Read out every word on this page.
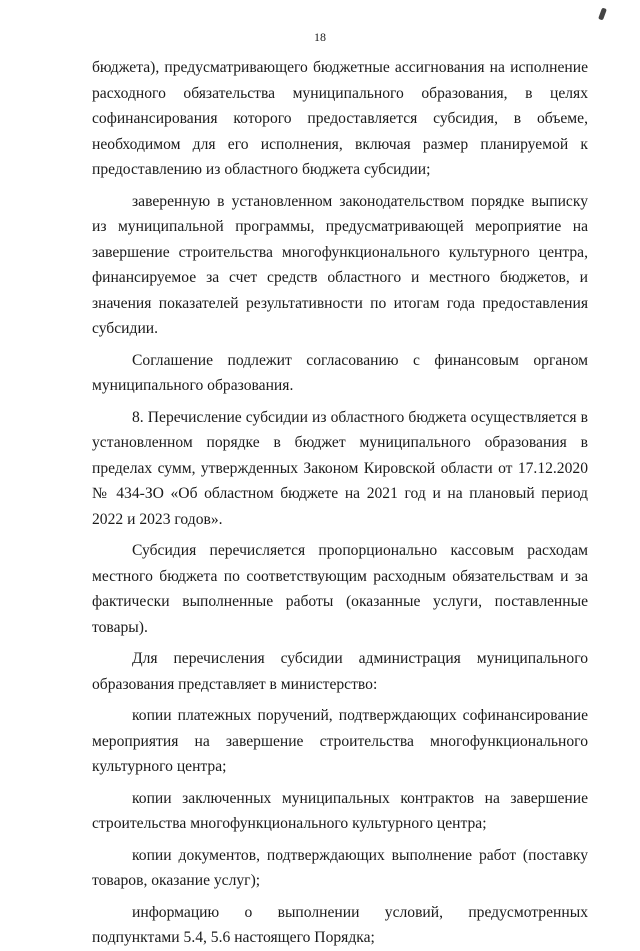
18

бюджета), предусматривающего бюджетные ассигнования на исполнение расходного обязательства муниципального образования, в целях софинансирования которого предоставляется субсидия, в объеме, необходимом для его исполнения, включая размер планируемой к предоставлению из областного бюджета субсидии;

заверенную в установленном законодательством порядке выписку из муниципальной программы, предусматривающей мероприятие на завершение строительства многофункционального культурного центра, финансируемое за счет средств областного и местного бюджетов, и значения показателей результативности по итогам года предоставления субсидии.

Соглашение подлежит согласованию с финансовым органом муниципального образования.

8. Перечисление субсидии из областного бюджета осуществляется в установленном порядке в бюджет муниципального образования в пределах сумм, утвержденных Законом Кировской области от 17.12.2020 № 434-ЗО «Об областном бюджете на 2021 год и на плановый период 2022 и 2023 годов».

Субсидия перечисляется пропорционально кассовым расходам местного бюджета по соответствующим расходным обязательствам и за фактически выполненные работы (оказанные услуги, поставленные товары).

Для перечисления субсидии администрация муниципального образования представляет в министерство:

копии платежных поручений, подтверждающих софинансирование мероприятия на завершение строительства многофункционального культурного центра;

копии заключенных муниципальных контрактов на завершение строительства многофункционального культурного центра;

копии документов, подтверждающих выполнение работ (поставку товаров, оказание услуг);

информацию о выполнении условий, предусмотренных подпунктами 5.4, 5.6 настоящего Порядка;
